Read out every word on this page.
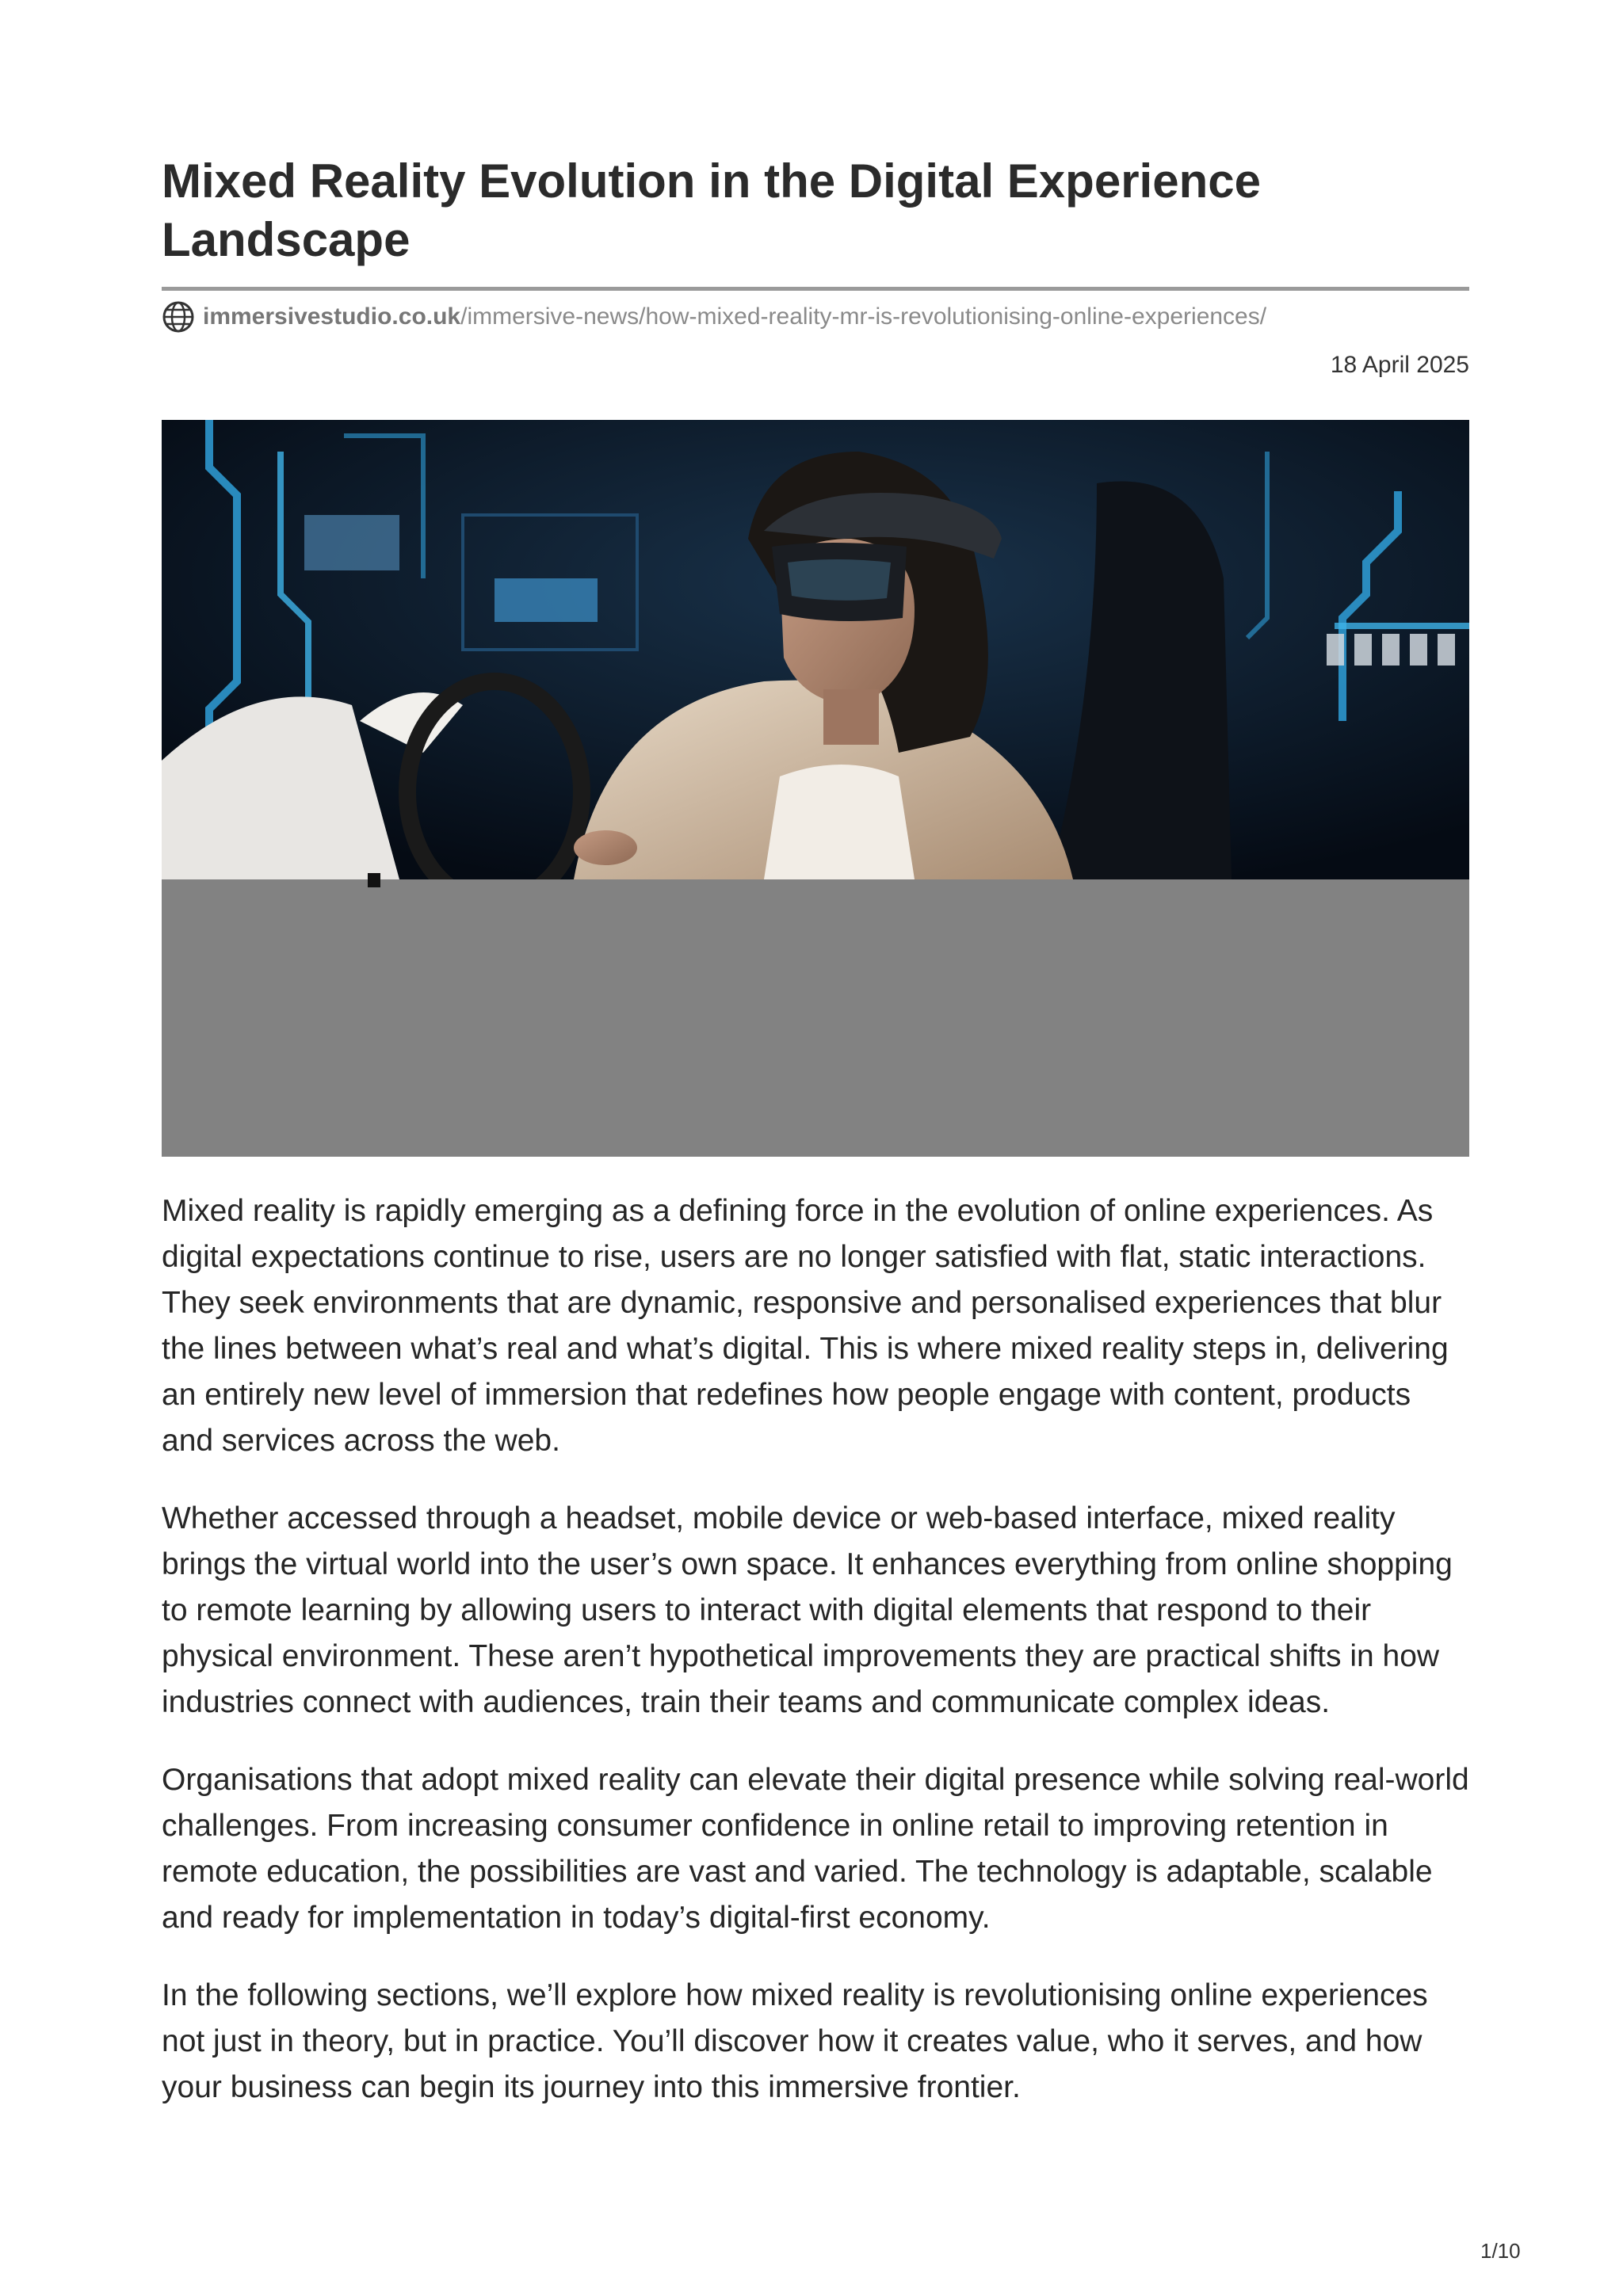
Mixed Reality Evolution in the Digital Experience Landscape
immersivestudio.co.uk /immersive-news/how-mixed-reality-mr-is-revolutionising-online-experiences/
18 April 2025

Mixed reality is rapidly emerging as a defining force in the evolution of online experiences. As digital expectations continue to rise, users are no longer satisfied with flat, static interactions. They seek environments that are dynamic, responsive and personalised experiences that blur the lines between what’s real and what’s digital. This is where mixed reality steps in, delivering an entirely new level of immersion that redefines how people engage with content, products and services across the web.

Whether accessed through a headset, mobile device or web-based interface, mixed reality brings the virtual world into the user’s own space. It enhances everything from online shopping to remote learning by allowing users to interact with digital elements that respond to their physical environment. These aren’t hypothetical improvements they are practical shifts in how industries connect with audiences, train their teams and communicate complex ideas.

Organisations that adopt mixed reality can elevate their digital presence while solving real-world challenges. From increasing consumer confidence in online retail to improving retention in remote education, the possibilities are vast and varied. The technology is adaptable, scalable and ready for implementation in today’s digital-first economy.

In the following sections, we’ll explore how mixed reality is revolutionising online experiences not just in theory, but in practice. You’ll discover how it creates value, who it serves, and how your business can begin its journey into this immersive frontier.

1/10
